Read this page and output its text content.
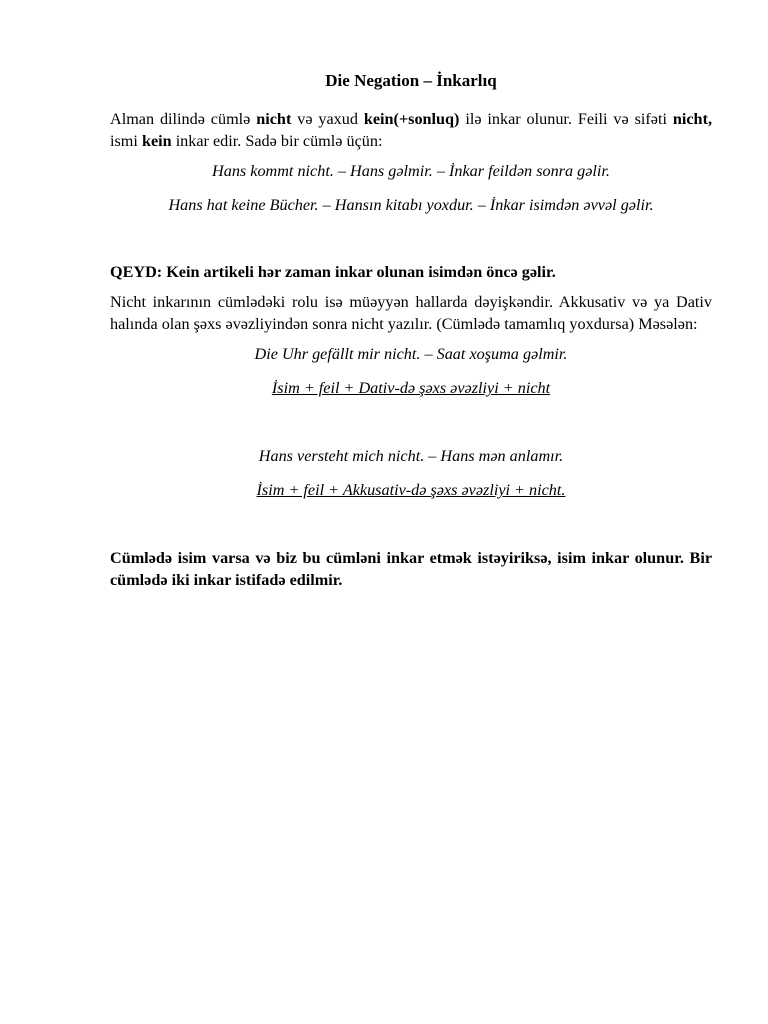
Die Negation – İnkarlıq

Alman dilində cümlə nicht və yaxud kein(+sonluq) ilə inkar olunur. Feili və sifəti nicht, ismi kein inkar edir. Sadə bir cümlə üçün:

Hans kommt nicht. – Hans gəlmir. – İnkar feildən sonra gəlir.

Hans hat keine Bücher. – Hansın kitabı yoxdur. – İnkar isimdən əvvəl gəlir.

QEYD: Kein artikeli hər zaman inkar olunan isimdən öncə gəlir.

Nicht inkarının cümlədəki rolu isə müəyyən hallarda dəyişkəndir. Akkusativ və ya Dativ halında olan şəxs əvəzliyindən sonra nicht yazılır. (Cümlədə tamamlıq yoxdursa) Məsələn:

Die Uhr gefällt mir nicht. – Saat xoşuma gəlmir.

İsim + feil + Dativ-də şəxs əvəzliyi + nicht

Hans versteht mich nicht. – Hans mən anlamır.

İsim + feil + Akkusativ-də şəxs əvəzliyi + nicht.

Cümlədə isim varsa və biz bu cümləni inkar etmək istəyiriksə, isim inkar olunur. Bir cümlədə iki inkar istifadə edilmir.
